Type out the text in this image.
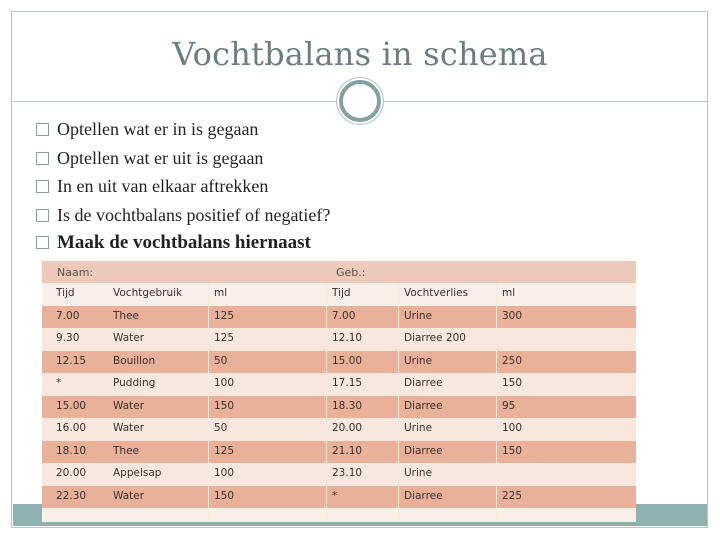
Vochtbalans in schema
Optellen wat er in is gegaan
Optellen wat er uit is gegaan
In en uit van elkaar aftrekken
Is de vochtbalans positief of negatief?
Maak de vochtbalans hiernaast
Naam:	Geb.:
Tijd	Vochtgebruik	ml	Tijd	Vochtverlies	ml
7.00	Thee	125	7.00	Urine	300
9.30	Water	125	12.10	Diarree 200
12.15	Bouillon	50	15.00	Urine	250
*	Pudding	100	17.15	Diarree	150
15.00	Water	150	18.30	Diarree	95
16.00	Water	50	20.00	Urine	100
18.10	Thee	125	21.10	Diarree	150
20.00	Appelsap	100	23.10	Urine
22.30	Water	150	*	Diarree	225
